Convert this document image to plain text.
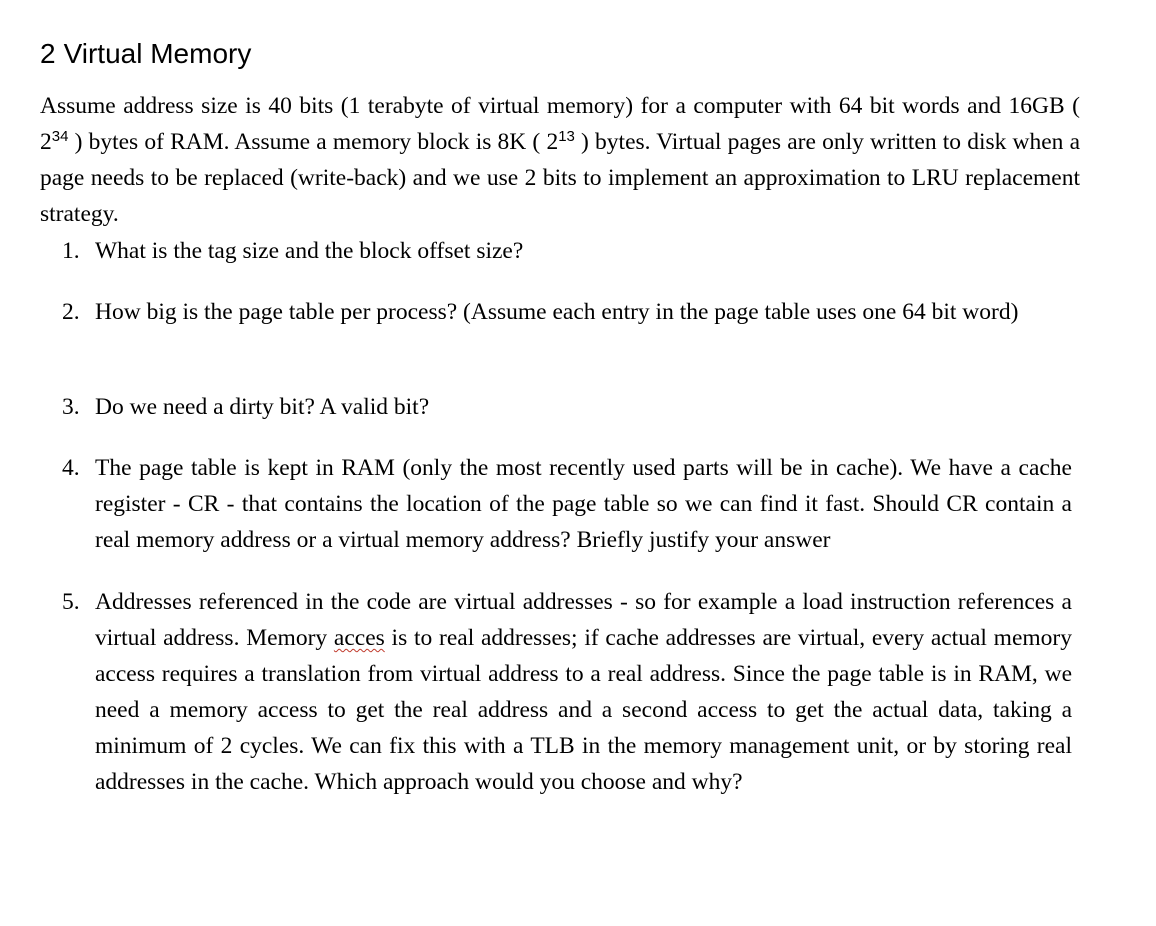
2 Virtual Memory
Assume address size is 40 bits (1 terabyte of virtual memory) for a computer with 64 bit words and 16GB ( $2^{34}$ ) bytes of RAM. Assume a memory block is 8K ( $2^{13}$ ) bytes. Virtual pages are only written to disk when a page needs to be replaced (write-back) and we use 2 bits to implement an approximation to LRU replacement strategy.
1. What is the tag size and the block offset size?
2. How big is the page table per process? (Assume each entry in the page table uses one 64 bit word)
3. Do we need a dirty bit? A valid bit?
4. The page table is kept in RAM (only the most recently used parts will be in cache). We have a cache register - CR - that contains the location of the page table so we can find it fast. Should CR contain a real memory address or a virtual memory address? Briefly justify your answer
5. Addresses referenced in the code are virtual addresses - so for example a load instruction references a virtual address. Memory acces is to real addresses; if cache addresses are virtual, every actual memory access requires a translation from virtual address to a real address. Since the page table is in RAM, we need a memory access to get the real address and a second access to get the actual data, taking a minimum of 2 cycles. We can fix this with a TLB in the memory management unit, or by storing real addresses in the cache. Which approach would you choose and why?
